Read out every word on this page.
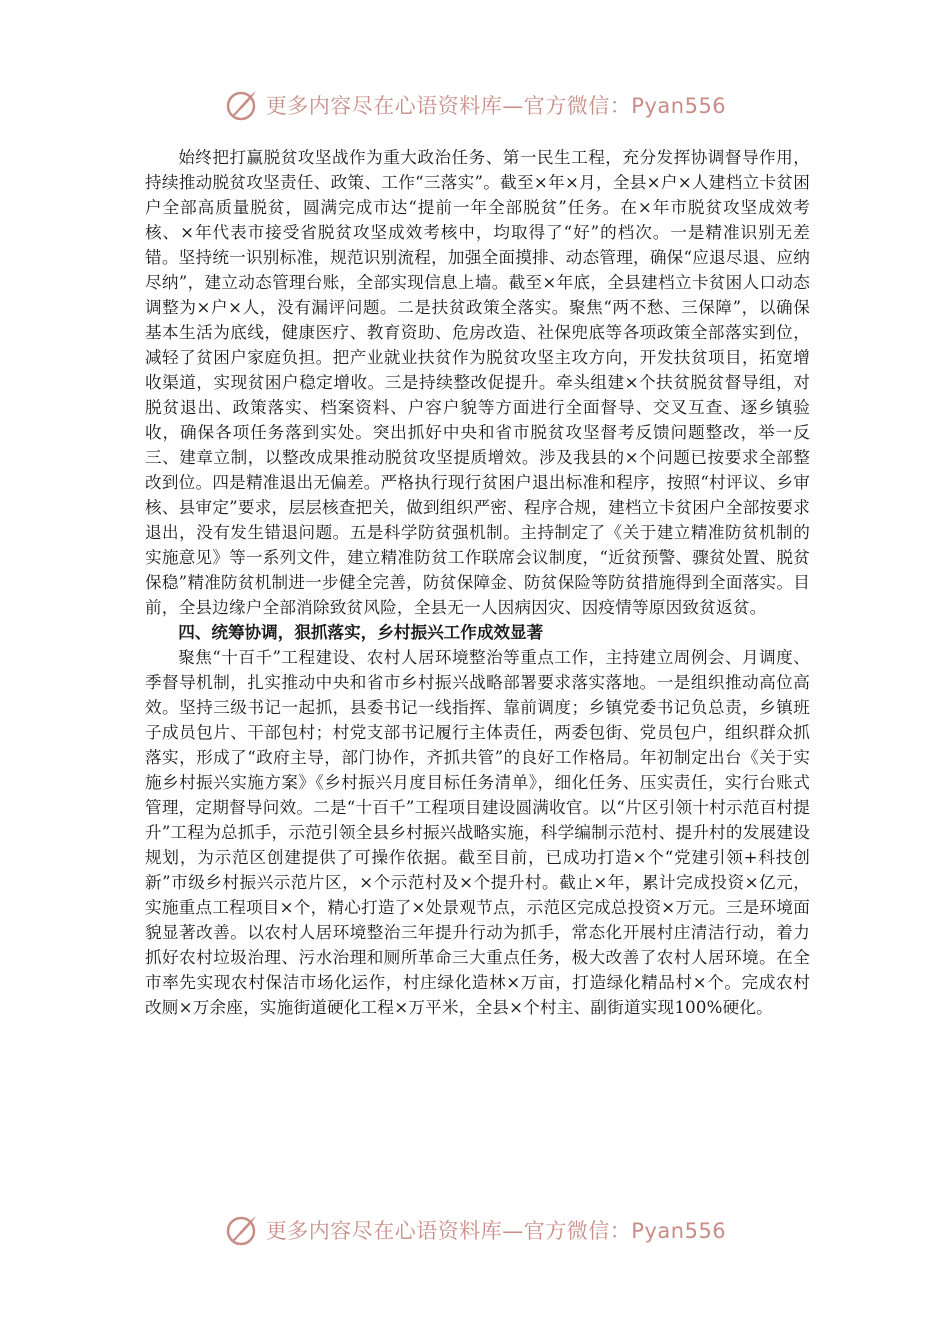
更多内容尽在心语资料库—官方微信：Pyan556

始终把打赢脱贫攻坚战作为重大政治任务、第一民生工程，充分发挥协调督导作用，持续推动脱贫攻坚责任、政策、工作“三落实”。截至×年×月，全县×户×人建档立卡贫困户全部高质量脱贫，圆满完成市达“提前一年全部脱贫”任务。在×年市脱贫攻坚成效考核、×年代表市接受省脱贫攻坚成效考核中，均取得了“好”的档次。一是精准识别无差错。坚持统一识别标准，规范识别流程，加强全面摸排、动态管理，确保“应退尽退、应纳尽纳”，建立动态管理台账，全部实现信息上墙。截至×年底，全县建档立卡贫困人口动态调整为×户×人，没有漏评问题。二是扶贫政策全落实。聚焦“两不愁、三保障”，以确保基本生活为底线，健康医疗、教育资助、危房改造、社保兜底等各项政策全部落实到位，减轻了贫困户家庭负担。把产业就业扶贫作为脱贫攻坚主攻方向，开发扶贫项目，拓宽增收渠道，实现贫困户稳定增收。三是持续整改促提升。牵头组建×个扶贫脱贫督导组，对脱贫退出、政策落实、档案资料、户容户貌等方面进行全面督导、交叉互查、逐乡镇验收，确保各项任务落到实处。突出抓好中央和省市脱贫攻坚督考反馈问题整改，举一反三、建章立制，以整改成果推动脱贫攻坚提质增效。涉及我县的×个问题已按要求全部整改到位。四是精准退出无偏差。严格执行现行贫困户退出标准和程序，按照“村评议、乡审核、县审定”要求，层层核查把关，做到组织严密、程序合规，建档立卡贫困户全部按要求退出，没有发生错退问题。五是科学防贫强机制。主持制定了《关于建立精准防贫机制的实施意见》等一系列文件，建立精准防贫工作联席会议制度，“近贫预警、骤贫处置、脱贫保稳”精准防贫机制进一步健全完善，防贫保障金、防贫保险等防贫措施得到全面落实。目前，全县边缘户全部消除致贫风险，全县无一人因病因灾、因疫情等原因致贫返贫。

四、统筹协调，狠抓落实，乡村振兴工作成效显著

聚焦“十百千”工程建设、农村人居环境整治等重点工作，主持建立周例会、月调度、季督导机制，扎实推动中央和省市乡村振兴战略部署要求落实落地。一是组织推动高位高效。坚持三级书记一起抓，县委书记一线指挥、靠前调度；乡镇党委书记负总责，乡镇班子成员包片、干部包村；村党支部书记履行主体责任，两委包街、党员包户，组织群众抓落实，形成了“政府主导，部门协作，齐抓共管”的良好工作格局。年初制定出台《关于实施乡村振兴实施方案》《乡村振兴月度目标任务清单》，细化任务、压实责任，实行台账式管理，定期督导问效。二是“十百千”工程项目建设圆满收官。以“片区引领十村示范百村提升”工程为总抓手，示范引领全县乡村振兴战略实施，科学编制示范村、提升村的发展建设规划，为示范区创建提供了可操作依据。截至目前，已成功打造×个“党建引领+科技创新”市级乡村振兴示范片区，×个示范村及×个提升村。截止×年，累计完成投资×亿元，实施重点工程项目×个，精心打造了×处景观节点，示范区完成总投资×万元。三是环境面貌显著改善。以农村人居环境整治三年提升行动为抓手，常态化开展村庄清洁行动，着力抓好农村垃圾治理、污水治理和厕所革命三大重点任务，极大改善了农村人居环境。在全市率先实现农村保洁市场化运作，村庄绿化造林×万亩，打造绿化精品村×个。完成农村改厕×万余座，实施街道硬化工程×万平米，全县×个村主、副街道实现100%硬化。

更多内容尽在心语资料库—官方微信：Pyan556
